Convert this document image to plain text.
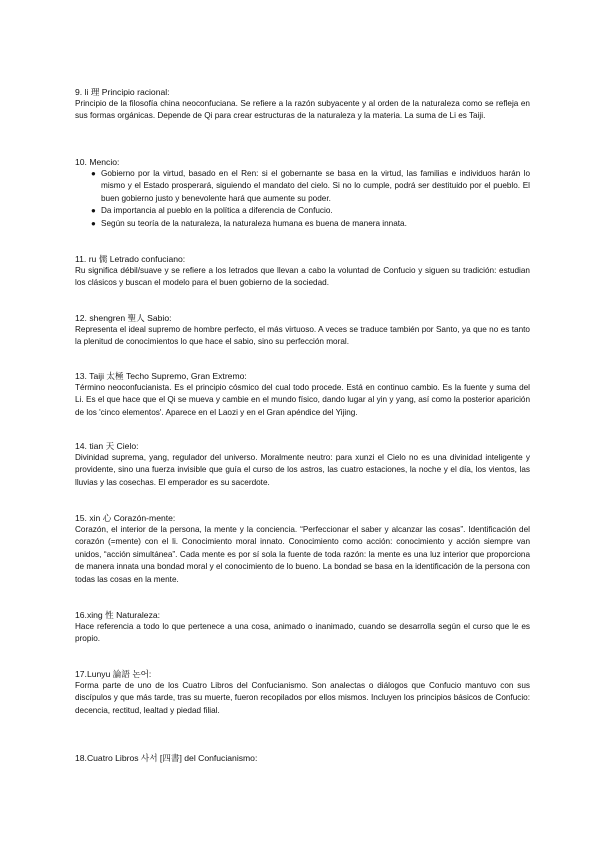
9. li 理 Principio racional:
Principio de la filosofía china neoconfuciana. Se refiere a la razón subyacente y al orden de la naturaleza como se refleja en sus formas orgánicas. Depende de Qi para crear estructuras de la naturaleza y la materia. La suma de Li es Taiji.
10. Mencio:
● Gobierno por la virtud, basado en el Ren: si el gobernante se basa en la virtud, las familias e individuos harán lo mismo y el Estado prosperará, siguiendo el mandato del cielo. Si no lo cumple, podrá ser destituido por el pueblo. El buen gobierno justo y benevolente hará que aumente su poder.
● Da importancia al pueblo en la política a diferencia de Confucio.
● Según su teoría de la naturaleza, la naturaleza humana es buena de manera innata.
11. ru 儒 Letrado confuciano:
Ru significa débil/suave y se refiere a los letrados que llevan a cabo la voluntad de Confucio y siguen su tradición: estudian los clásicos y buscan el modelo para el buen gobierno de la sociedad.
12. shengren 聖人 Sabio:
Representa el ideal supremo de hombre perfecto, el más virtuoso. A veces se traduce también por Santo, ya que no es tanto la plenitud de conocimientos lo que hace el sabio, sino su perfección moral.
13. Taiji 太極 Techo Supremo, Gran Extremo:
Término neoconfucianista. Es el principio cósmico del cual todo procede. Está en continuo cambio. Es la fuente y suma del Li. Es el que hace que el Qi se mueva y cambie en el mundo físico, dando lugar al yin y yang, así como la posterior aparición de los 'cinco elementos'. Aparece en el Laozi y en el Gran apéndice del Yijing.
14. tian 天 Cielo:
Divinidad suprema, yang, regulador del universo. Moralmente neutro: para xunzi el Cielo no es una divinidad inteligente y providente, sino una fuerza invisible que guía el curso de los astros, las cuatro estaciones, la noche y el día, los vientos, las lluvias y las cosechas. El emperador es su sacerdote.
15. xin 心 Corazón-mente:
Corazón, el interior de la persona, la mente y la conciencia. “Perfeccionar el saber y alcanzar las cosas”. Identificación del corazón (=mente) con el li. Conocimiento moral innato. Conocimiento como acción: conocimiento y acción siempre van unidos, “acción simultánea”. Cada mente es por sí sola la fuente de toda razón: la mente es una luz interior que proporciona de manera innata una bondad moral y el conocimiento de lo bueno. La bondad se basa en la identificación de la persona con todas las cosas en la mente.
16.xing 性 Naturaleza:
Hace referencia a todo lo que pertenece a una cosa, animado o inanimado, cuando se desarrolla según el curso que le es propio.
17.Lunyu 論語 논어:
Forma parte de uno de los Cuatro Libros del Confucianismo. Son analectas o diálogos que Confucio mantuvo con sus discípulos y que más tarde, tras su muerte, fueron recopilados por ellos mismos. Incluyen los principios básicos de Confucio: decencia, rectitud, lealtad y piedad filial.
18.Cuatro Libros 사서 [四書] del Confucianismo:
